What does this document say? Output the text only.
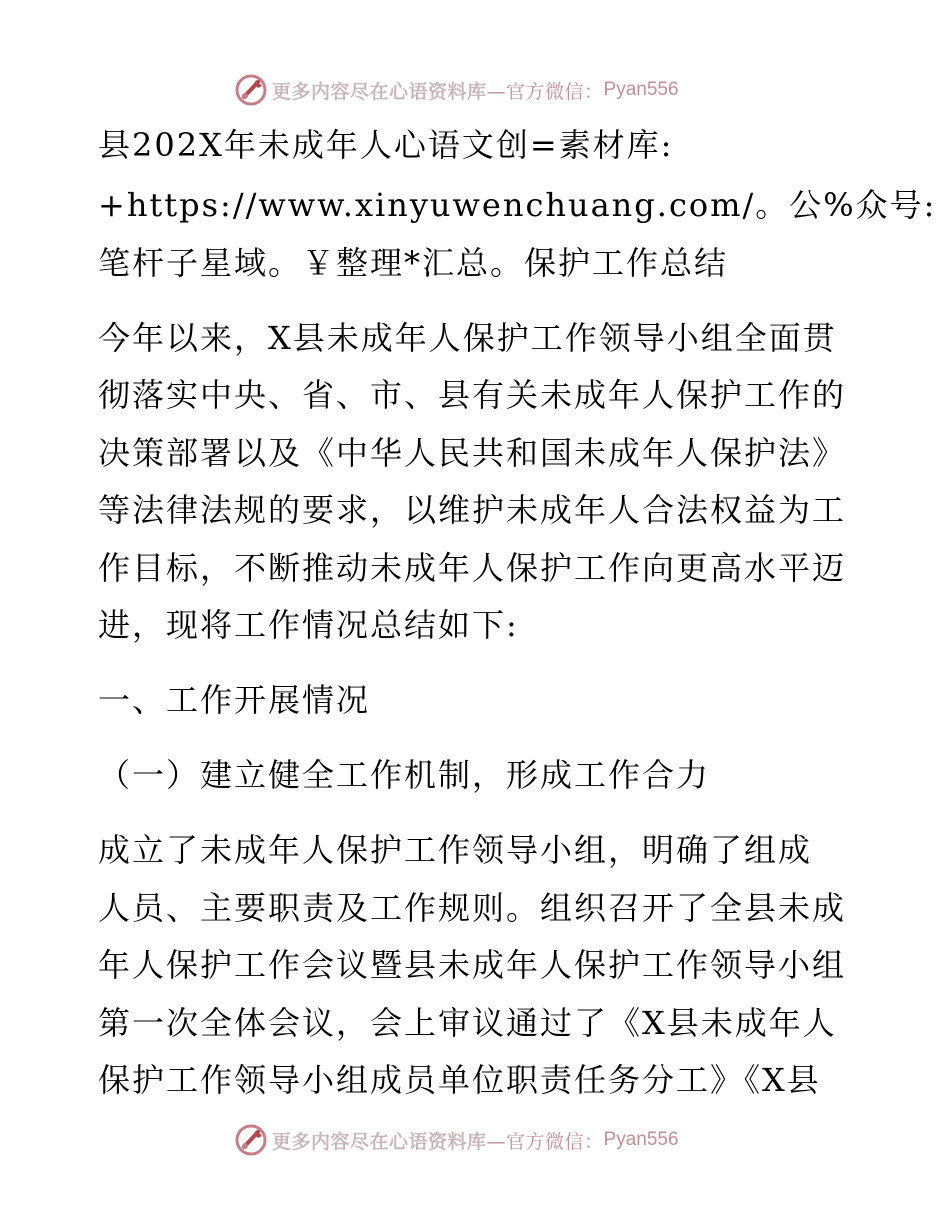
更多内容尽在心语资料库 —官方微信： Pyan556

县202X年未成年人心语文创=素材库:

+https://www.xinyuwenchuang.com/。公%众号:

笔杆子星域。￥整理*汇总。保护工作总结

今年以来，X县未成年人保护工作领导小组全面贯

彻落实中央、省、市、县有关未成年人保护工作的

决策部署以及《中华人民共和国未成年人保护法》

等法律法规的要求，以维护未成年人合法权益为工

作目标，不断推动未成年人保护工作向更高水平迈

进，现将工作情况总结如下:

一、工作开展情况

（一）建立健全工作机制，形成工作合力

成立了未成年人保护工作领导小组，明确了组成

人员、主要职责及工作规则。组织召开了全县未成

年人保护工作会议暨县未成年人保护工作领导小组

第一次全体会议，会上审议通过了《X县未成年人

保护工作领导小组成员单位职责任务分工》《X县

更多内容尽在心语资料库 —官方微信： Pyan556
